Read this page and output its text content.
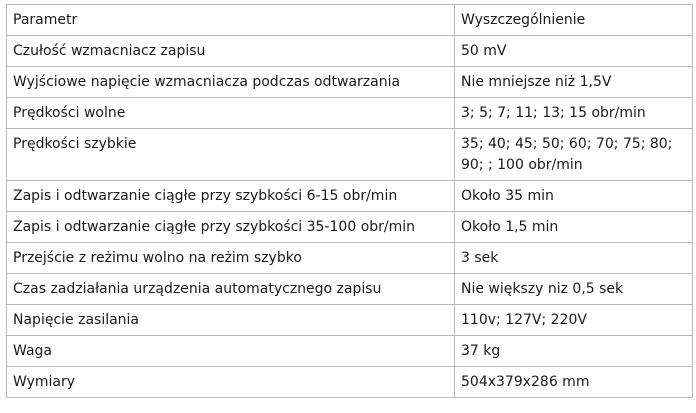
Parametr	Wyszczególnienie
Czułość wzmacniacz zapisu	50 mV
Wyjściowe napięcie wzmacniacza podczas odtwarzania	Nie mniejsze niż 1,5V
Prędkości wolne	3; 5; 7; 11; 13; 15 obr/min
Prędkości szybkie	35; 40; 45; 50; 60; 70; 75; 80; 90; ; 100 obr/min
Zapis i odtwarzanie ciągłe przy szybkości 6-15 obr/min	Około 35 min
Zapis i odtwarzanie ciągłe przy szybkości 35-100 obr/min	Około 1,5 min
Przejście z reżimu wolno na reżim szybko	3 sek
Czas zadziałania urządzenia automatycznego zapisu	Nie większy niz 0,5 sek
Napięcie zasilania	110v; 127V; 220V
Waga	37 kg
Wymiary	504x379x286 mm
